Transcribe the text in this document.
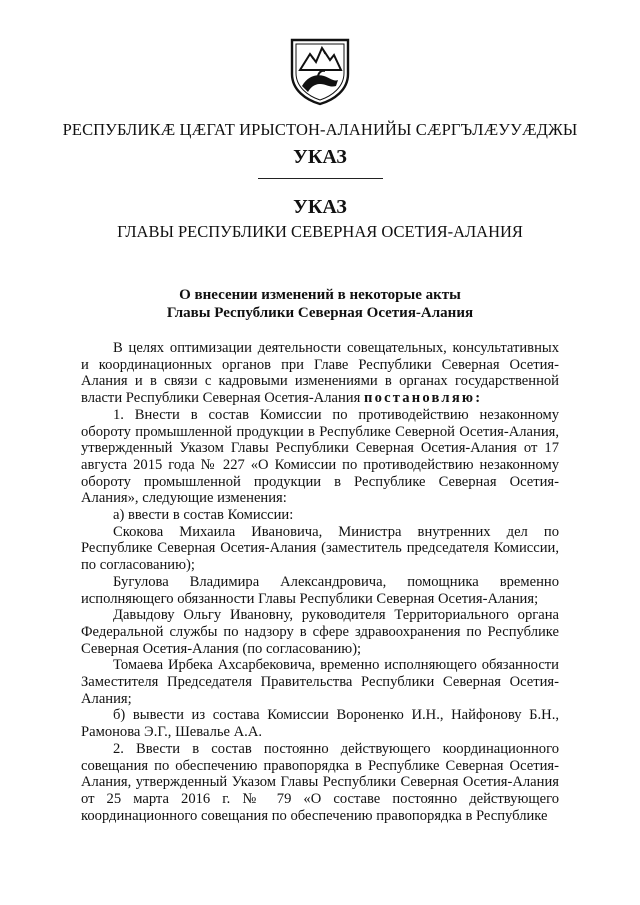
РЕСПУБЛИКÆ ЦÆГАТ ИРЫСТОН-АЛАНИЙЫ СÆРГЪЛÆУУÆДЖЫ
УКАЗ
УКАЗ
ГЛАВЫ РЕСПУБЛИКИ СЕВЕРНАЯ ОСЕТИЯ-АЛАНИЯ
О внесении изменений в некоторые акты
Главы Республики Северная Осетия-Алания

В целях оптимизации деятельности совещательных, консультативных и координационных органов при Главе Республики Северная Осетия-Алания и в связи с кадровыми изменениями в органах государственной власти Республики Северная Осетия-Алания постановляю:

1. Внести в состав Комиссии по противодействию незаконному обороту промышленной продукции в Республике Северной Осетия-Алания, утвержденный Указом Главы Республики Северная Осетия-Алания от 17 августа 2015 года № 227 «О Комиссии по противодействию незаконному обороту промышленной продукции в Республике Северная Осетия-Алания», следующие изменения:

а) ввести в состав Комиссии:

Скокова Михаила Ивановича, Министра внутренних дел по Республике Северная Осетия-Алания (заместитель председателя Комиссии, по согласованию);

Бугулова Владимира Александровича, помощника временно исполняющего обязанности Главы Республики Северная Осетия-Алания;

Давыдову Ольгу Ивановну, руководителя Территориального органа Федеральной службы по надзору в сфере здравоохранения по Республике Северная Осетия-Алания (по согласованию);

Томаева Ирбека Ахсарбековича, временно исполняющего обязанности Заместителя Председателя Правительства Республики Северная Осетия-Алания;

б) вывести из состава Комиссии Вороненко И.Н., Найфонову Б.Н., Рамонова Э.Г., Шевалье А.А.

2. Ввести в состав постоянно действующего координационного совещания по обеспечению правопорядка в Республике Северная Осетия-Алания, утвержденный Указом Главы Республики Северная Осетия-Алания от 25 марта 2016 г. № 79 «О составе постоянно действующего координационного совещания по обеспечению правопорядка в Республике
